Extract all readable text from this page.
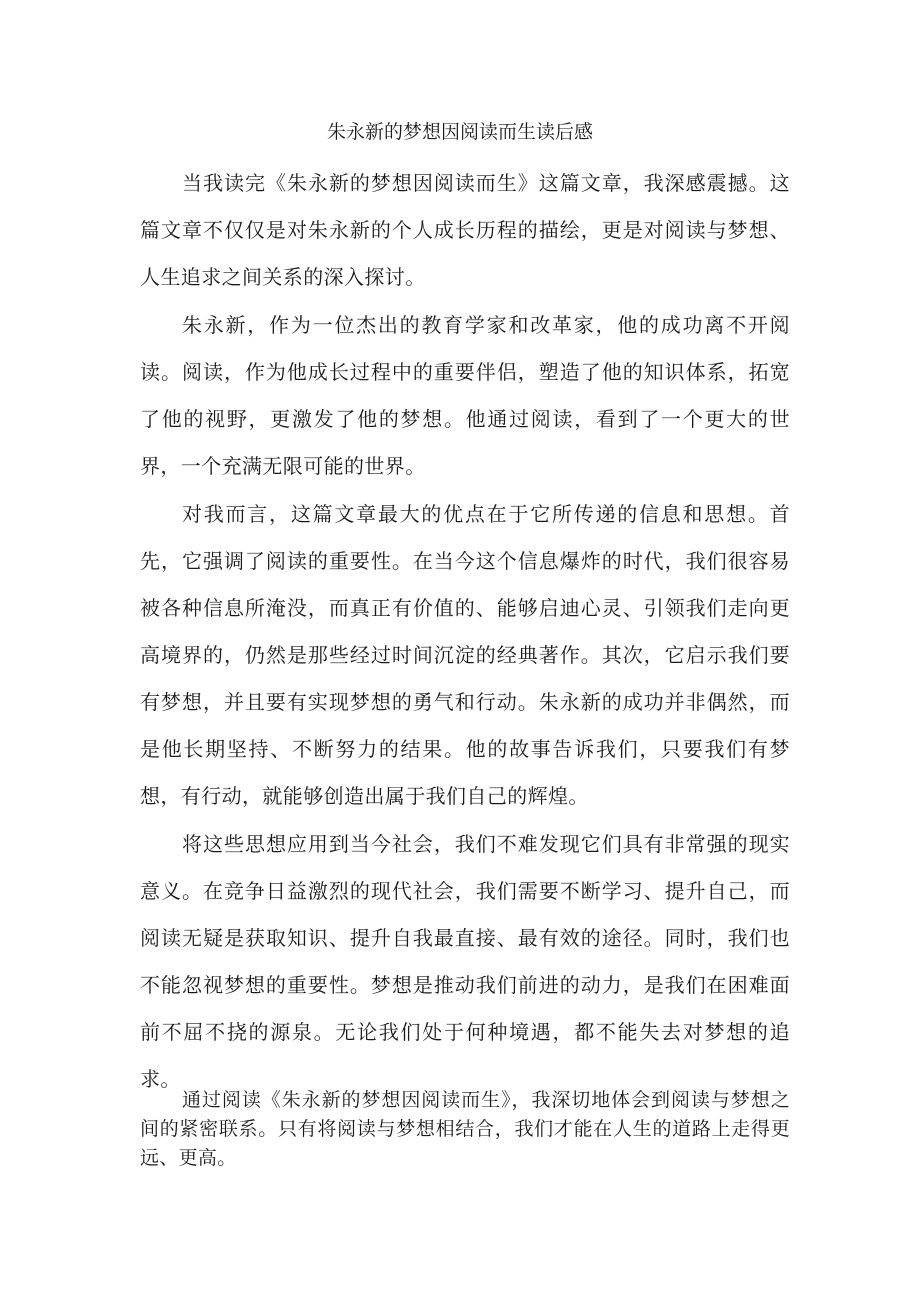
朱永新的梦想因阅读而生读后感

当我读完《朱永新的梦想因阅读而生》这篇文章，我深感震撼。这篇文章不仅仅是对朱永新的个人成长历程的描绘，更是对阅读与梦想、人生追求之间关系的深入探讨。

朱永新，作为一位杰出的教育学家和改革家，他的成功离不开阅读。阅读，作为他成长过程中的重要伴侣，塑造了他的知识体系，拓宽了他的视野，更激发了他的梦想。他通过阅读，看到了一个更大的世界，一个充满无限可能的世界。

对我而言，这篇文章最大的优点在于它所传递的信息和思想。首先，它强调了阅读的重要性。在当今这个信息爆炸的时代，我们很容易被各种信息所淹没，而真正有价值的、能够启迪心灵、引领我们走向更高境界的，仍然是那些经过时间沉淀的经典著作。其次，它启示我们要有梦想，并且要有实现梦想的勇气和行动。朱永新的成功并非偶然，而是他长期坚持、不断努力的结果。他的故事告诉我们，只要我们有梦想，有行动，就能够创造出属于我们自己的辉煌。

将这些思想应用到当今社会，我们不难发现它们具有非常强的现实意义。在竞争日益激烈的现代社会，我们需要不断学习、提升自己，而阅读无疑是获取知识、提升自我最直接、最有效的途径。同时，我们也不能忽视梦想的重要性。梦想是推动我们前进的动力，是我们在困难面前不屈不挠的源泉。无论我们处于何种境遇，都不能失去对梦想的追求。

通过阅读《朱永新的梦想因阅读而生》，我深切地体会到阅读与梦想之间的紧密联系。只有将阅读与梦想相结合，我们才能在人生的道路上走得更远、更高。
